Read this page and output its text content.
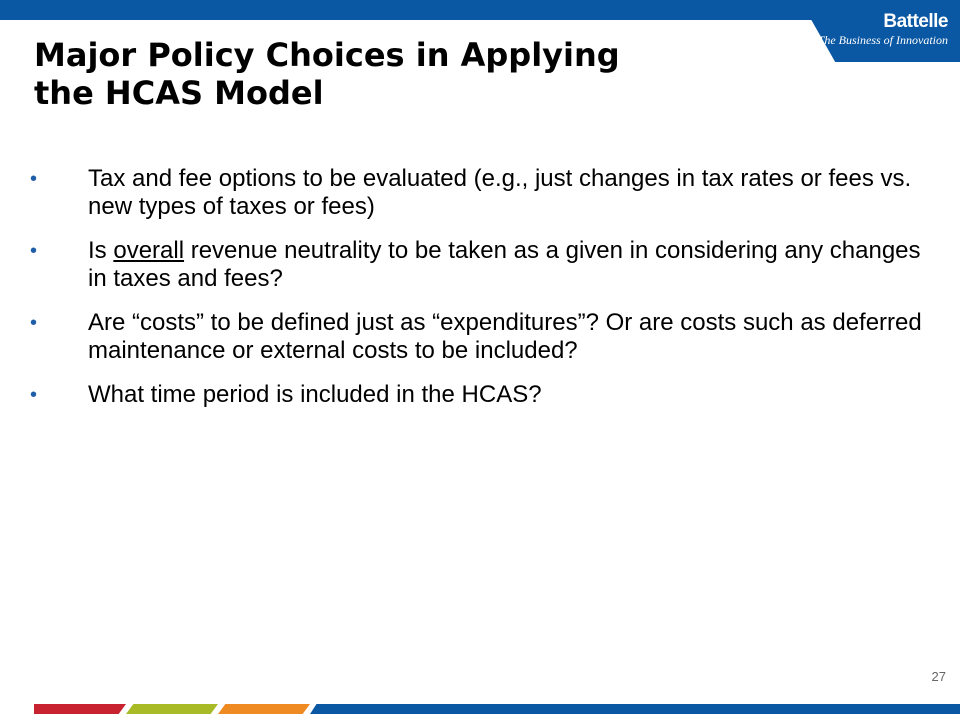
Battelle
The Business of Innovation
Major Policy Choices in Applying
the HCAS Model
• Tax and fee options to be evaluated (e.g., just changes in tax rates or fees vs. new types of taxes or fees)
• Is overall revenue neutrality to be taken as a given in considering any changes in taxes and fees?
• Are “costs” to be defined just as “expenditures”? Or are costs such as deferred maintenance or external costs to be included?
• What time period is included in the HCAS?
27
